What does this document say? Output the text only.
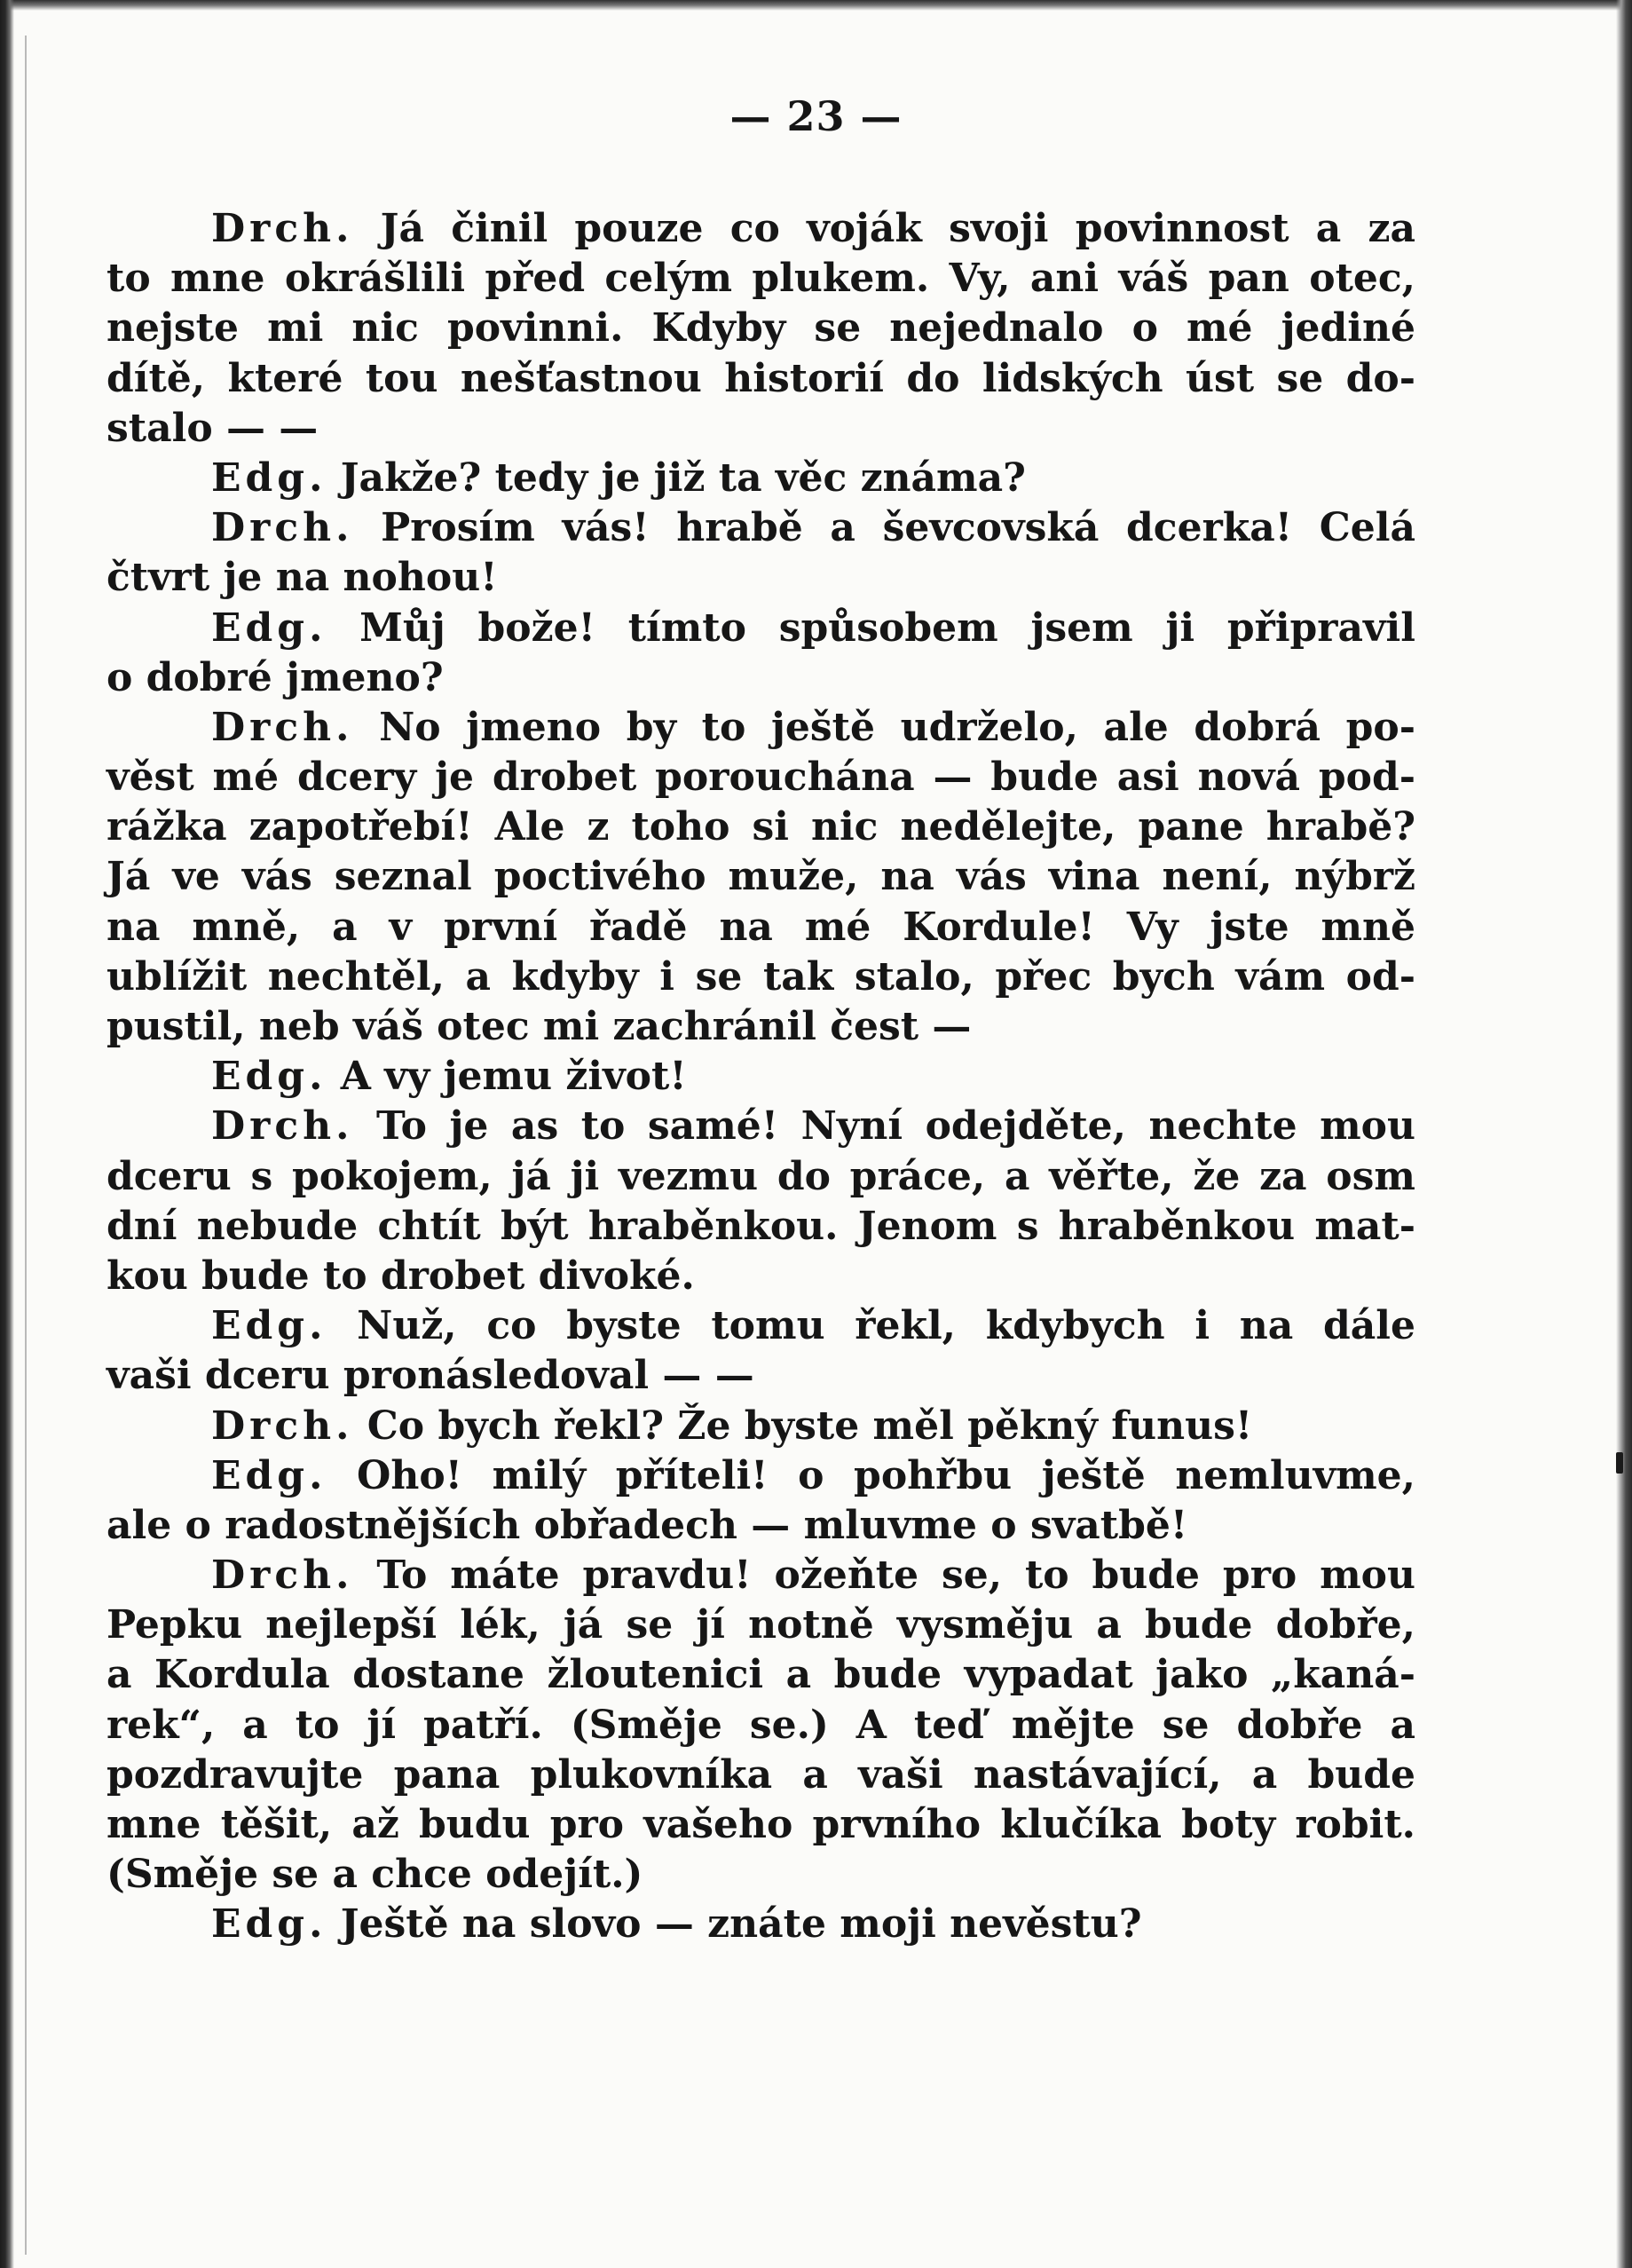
— 23 —
Drch. Já činil pouze co voják svoji povinnost a za
to mne okrášlili před celým plukem. Vy, ani váš pan otec,
nejste mi nic povinni. Kdyby se nejednalo o mé jediné
dítě, které tou nešťastnou historií do lidských úst se do-
stalo — —
Edg. Jakže? tedy je již ta věc známa?
Drch. Prosím vás! hrabě a ševcovská dcerka! Celá
čtvrt je na nohou!
Edg. Můj bože! tímto spůsobem jsem ji připravil
o dobré jmeno?
Drch. No jmeno by to ještě udrželo, ale dobrá po-
věst mé dcery je drobet porouchána — bude asi nová pod-
rážka zapotřebí! Ale z toho si nic nedělejte, pane hrabě?
Já ve vás seznal poctivého muže, na vás vina není, nýbrž
na mně, a v první řadě na mé Kordule! Vy jste mně
ublížit nechtěl, a kdyby i se tak stalo, přec bych vám od-
pustil, neb váš otec mi zachránil čest —
Edg. A vy jemu život!
Drch. To je as to samé! Nyní odejděte, nechte mou
dceru s pokojem, já ji vezmu do práce, a věřte, že za osm
dní nebude chtít být hraběnkou. Jenom s hraběnkou mat-
kou bude to drobet divoké.
Edg. Nuž, co byste tomu řekl, kdybych i na dále
vaši dceru pronásledoval — —
Drch. Co bych řekl? Že byste měl pěkný funus!
Edg. Oho! milý příteli! o pohřbu ještě nemluvme,
ale o radostnějších obřadech — mluvme o svatbě!
Drch. To máte pravdu! ožeňte se, to bude pro mou
Pepku nejlepší lék, já se jí notně vysměju a bude dobře,
a Kordula dostane žloutenici a bude vypadat jako „kaná-
rek“, a to jí patří. (Směje se.) A teď mějte se dobře a
pozdravujte pana plukovníka a vaši nastávající, a bude
mne těšit, až budu pro vašeho prvního klučíka boty robit.
(Směje se a chce odejít.)
Edg. Ještě na slovo — znáte moji nevěstu?
